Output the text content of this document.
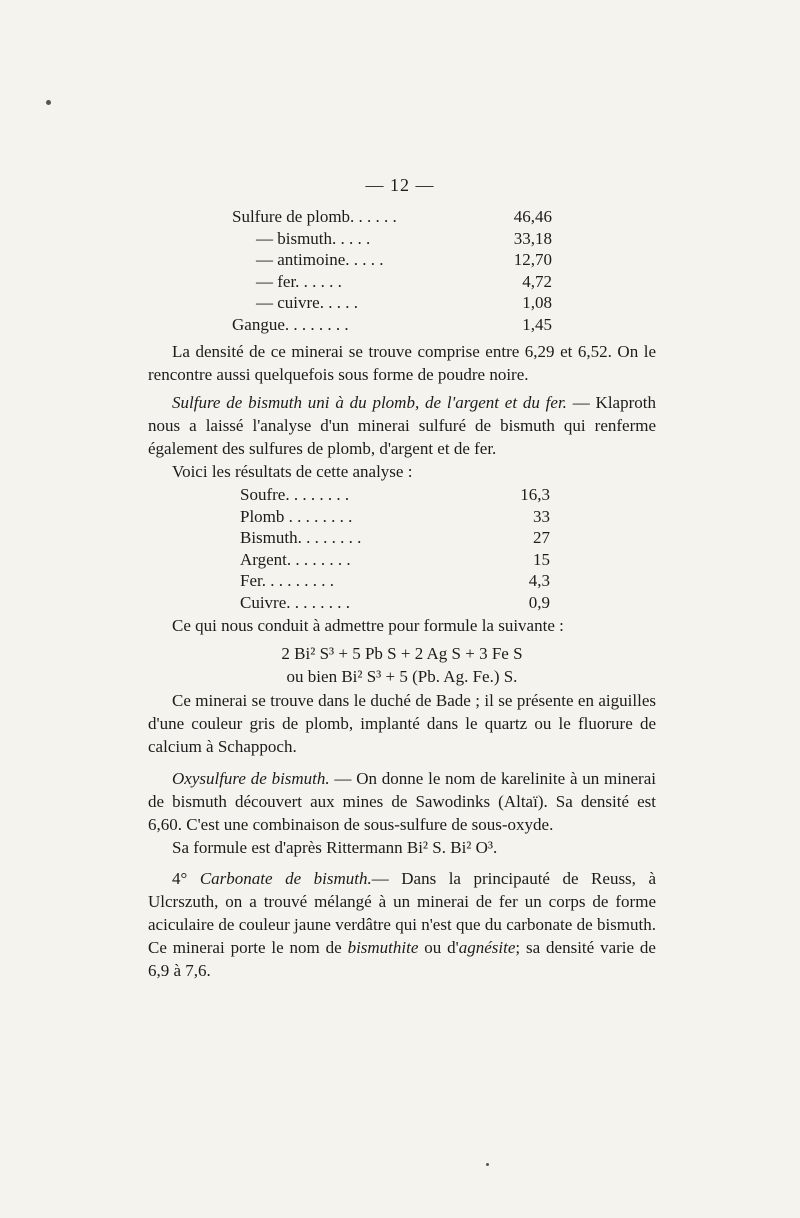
— 12 —
Sulfure de plomb. . . . . .	46,46
— bismuth. . . . .	33,18
— antimoine. . . . .	12,70
— fer. . . . . .	4,72
— cuivre. . . . .	1,08
Gangue. . . . . . . .	1,45

La densité de ce minerai se trouve comprise entre 6,29 et 6,52. On le rencontre aussi quelquefois sous forme de poudre noire.

Sulfure de bismuth uni à du plomb, de l'argent et du fer. — Klaproth nous a laissé l'analyse d'un minerai sulfuré de bismuth qui renferme également des sulfures de plomb, d'argent et de fer.

Voici les résultats de cette analyse :

Soufre. . . . . . . .	16,3
Plomb . . . . . . . .	33
Bismuth. . . . . . . .	27
Argent. . . . . . . .	15
Fer. . . . . . . . .	4,3
Cuivre. . . . . . . .	0,9

Ce qui nous conduit à admettre pour formule la suivante :

2 Bi² S³ + 5 Pb S + 2 Ag S + 3 Fe S
ou bien Bi² S³ + 5 (Pb. Ag. Fe.) S.

Ce minerai se trouve dans le duché de Bade ; il se présente en aiguilles d'une couleur gris de plomb, implanté dans le quartz ou le fluorure de calcium à Schappoch.

Oxysulfure de bismuth. — On donne le nom de karelinite à un minerai de bismuth découvert aux mines de Sawodinks (Altaï). Sa densité est 6,60. C'est une combinaison de sous-sulfure de sous-oxyde.

Sa formule est d'après Rittermann Bi² S. Bi² O³.

4° Carbonate de bismuth.— Dans la principauté de Reuss, à Ulcrszuth, on a trouvé mélangé à un minerai de fer un corps de forme aciculaire de couleur jaune verdâtre qui n'est que du carbonate de bismuth. Ce minerai porte le nom de bismuthite ou d'agnésite; sa densité varie de 6,9 à 7,6.
